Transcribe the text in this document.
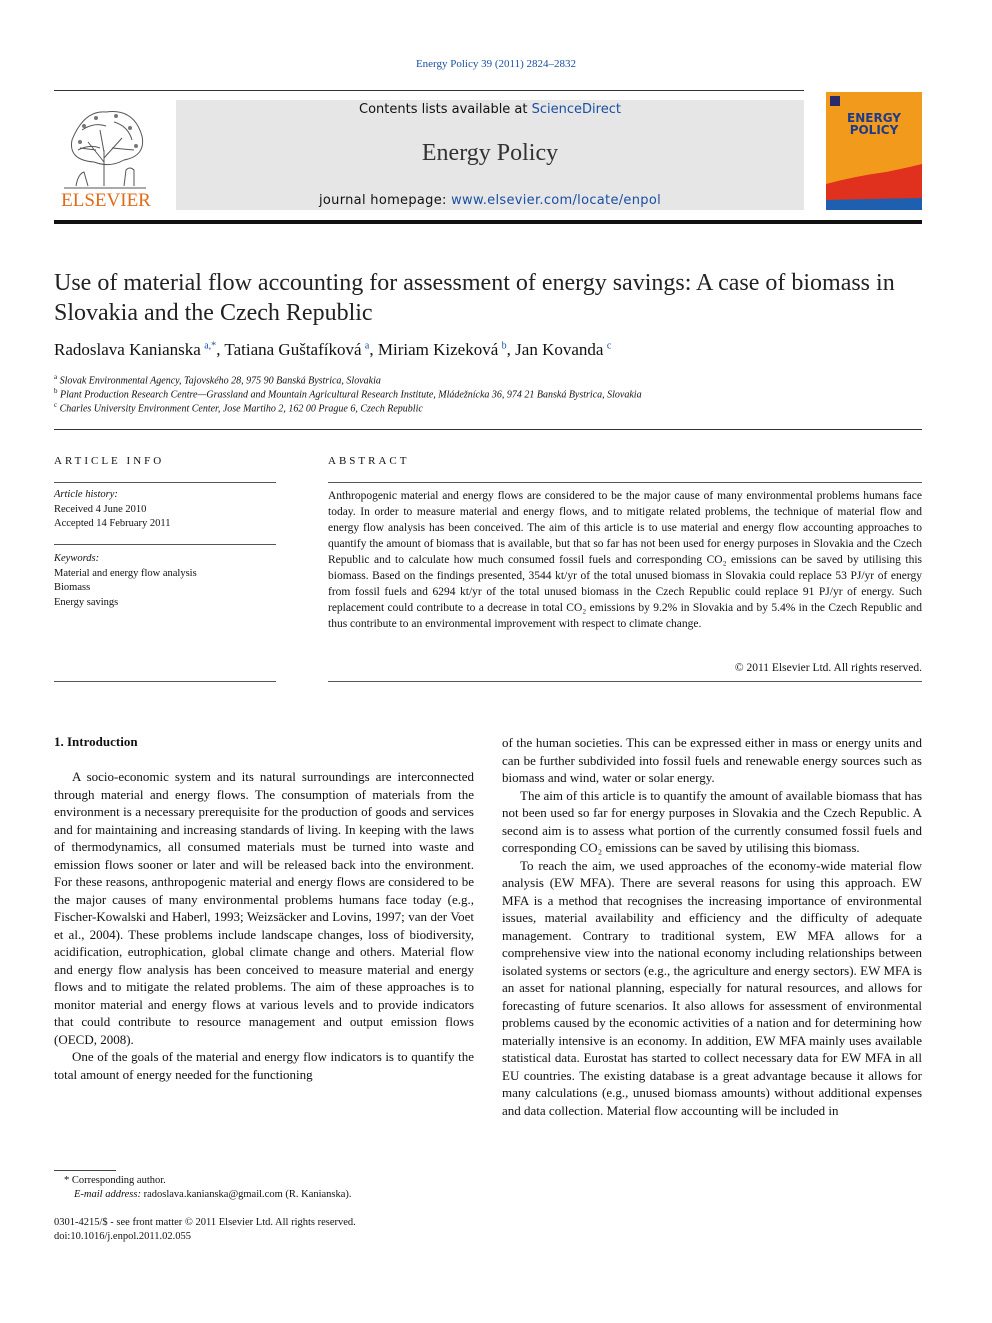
Energy Policy 39 (2011) 2824–2832
ELSEVIER
Contents lists available at ScienceDirect
Energy Policy
journal homepage: www.elsevier.com/locate/enpol
ENERGY POLICY
Use of material flow accounting for assessment of energy savings: A case of biomass in Slovakia and the Czech Republic
Radoslava Kanianska  $^{a,*}$, Tatiana Guštafíková  $^a$, Miriam Kizeková  $^b$, Jan Kovanda  $^c$
$^a$ Slovak Environmental Agency, Tajovského 28, 975 90 Banská Bystrica, Slovakia
$^b$ Plant Production Research Centre—Grassland and Mountain Agricultural Research Institute, Mládežnícka 36, 974 21 Banská Bystrica, Slovakia
$^c$ Charles University Environment Center, Jose Martiho 2, 162 00 Prague 6, Czech Republic
ARTICLE INFO	ABSTRACT
Article history:
Received 4 June 2010
Accepted 14 February 2011
Keywords:
Material and energy flow analysis
Biomass
Energy savings
Anthropogenic material and energy flows are considered to be the major cause of many environmental problems humans face today. In order to measure material and energy flows, and to mitigate related problems, the technique of material flow and energy flow analysis has been conceived. The aim of this article is to use material and energy flow accounting approaches to quantify the amount of biomass that is available, but that so far has not been used for energy purposes in Slovakia and the Czech Republic and to calculate how much consumed fossil fuels and corresponding CO₂ emissions can be saved by utilising this biomass. Based on the findings presented, 3544 kt/yr of the total unused biomass in Slovakia could replace 53 PJ/yr of energy from fossil fuels and 6294 kt/yr of the total unused biomass in the Czech Republic could replace 91 PJ/yr of energy. Such replacement could contribute to a decrease in total CO₂ emissions by 9.2% in Slovakia and by 5.4% in the Czech Republic and thus contribute to an environmental improvement with respect to climate change.
© 2011 Elsevier Ltd. All rights reserved.
1. Introduction

A socio-economic system and its natural surroundings are interconnected through material and energy flows. The consumption of materials from the environment is a necessary prerequisite for the production of goods and services and for maintaining and increasing standards of living. In keeping with the laws of thermodynamics, all consumed materials must be turned into waste and emission flows sooner or later and will be released back into the environment. For these reasons, anthropogenic material and energy flows are considered to be the major causes of many environmental problems humans face today (e.g., Fischer-Kowalski and Haberl, 1993; Weizsäcker and Lovins, 1997; van der Voet et al., 2004). These problems include landscape changes, loss of biodiversity, acidification, eutrophication, global climate change and others. Material flow and energy flow analysis has been conceived to measure material and energy flows and to mitigate the related problems. The aim of these approaches is to monitor material and energy flows at various levels and to provide indicators that could contribute to resource management and output emission flows (OECD, 2008).

One of the goals of the material and energy flow indicators is to quantify the total amount of energy needed for the functioning

of the human societies. This can be expressed either in mass or energy units and can be further subdivided into fossil fuels and renewable energy sources such as biomass and wind, water or solar energy.

The aim of this article is to quantify the amount of available biomass that has not been used so far for energy purposes in Slovakia and the Czech Republic. A second aim is to assess what portion of the currently consumed fossil fuels and corresponding CO₂ emissions can be saved by utilising this biomass.

To reach the aim, we used approaches of the economy-wide material flow analysis (EW MFA). There are several reasons for using this approach. EW MFA is a method that recognises the increasing importance of environmental issues, material availability and efficiency and the difficulty of adequate management. Contrary to traditional system, EW MFA allows for a comprehensive view into the national economy including relationships between isolated systems or sectors (e.g., the agriculture and energy sectors). EW MFA is an asset for national planning, especially for natural resources, and allows for forecasting of future scenarios. It also allows for assessment of environmental problems caused by the economic activities of a nation and for determining how materially intensive is an economy. In addition, EW MFA mainly uses available statistical data. Eurostat has started to collect necessary data for EW MFA in all EU countries. The existing database is a great advantage because it allows for many calculations (e.g., unused biomass amounts) without additional expenses and data collection. Material flow accounting will be included in

* Corresponding author.
E-mail address: radoslava.kanianska@gmail.com (R. Kanianska).
0301-4215/$ - see front matter © 2011 Elsevier Ltd. All rights reserved.
doi:10.1016/j.enpol.2011.02.055
